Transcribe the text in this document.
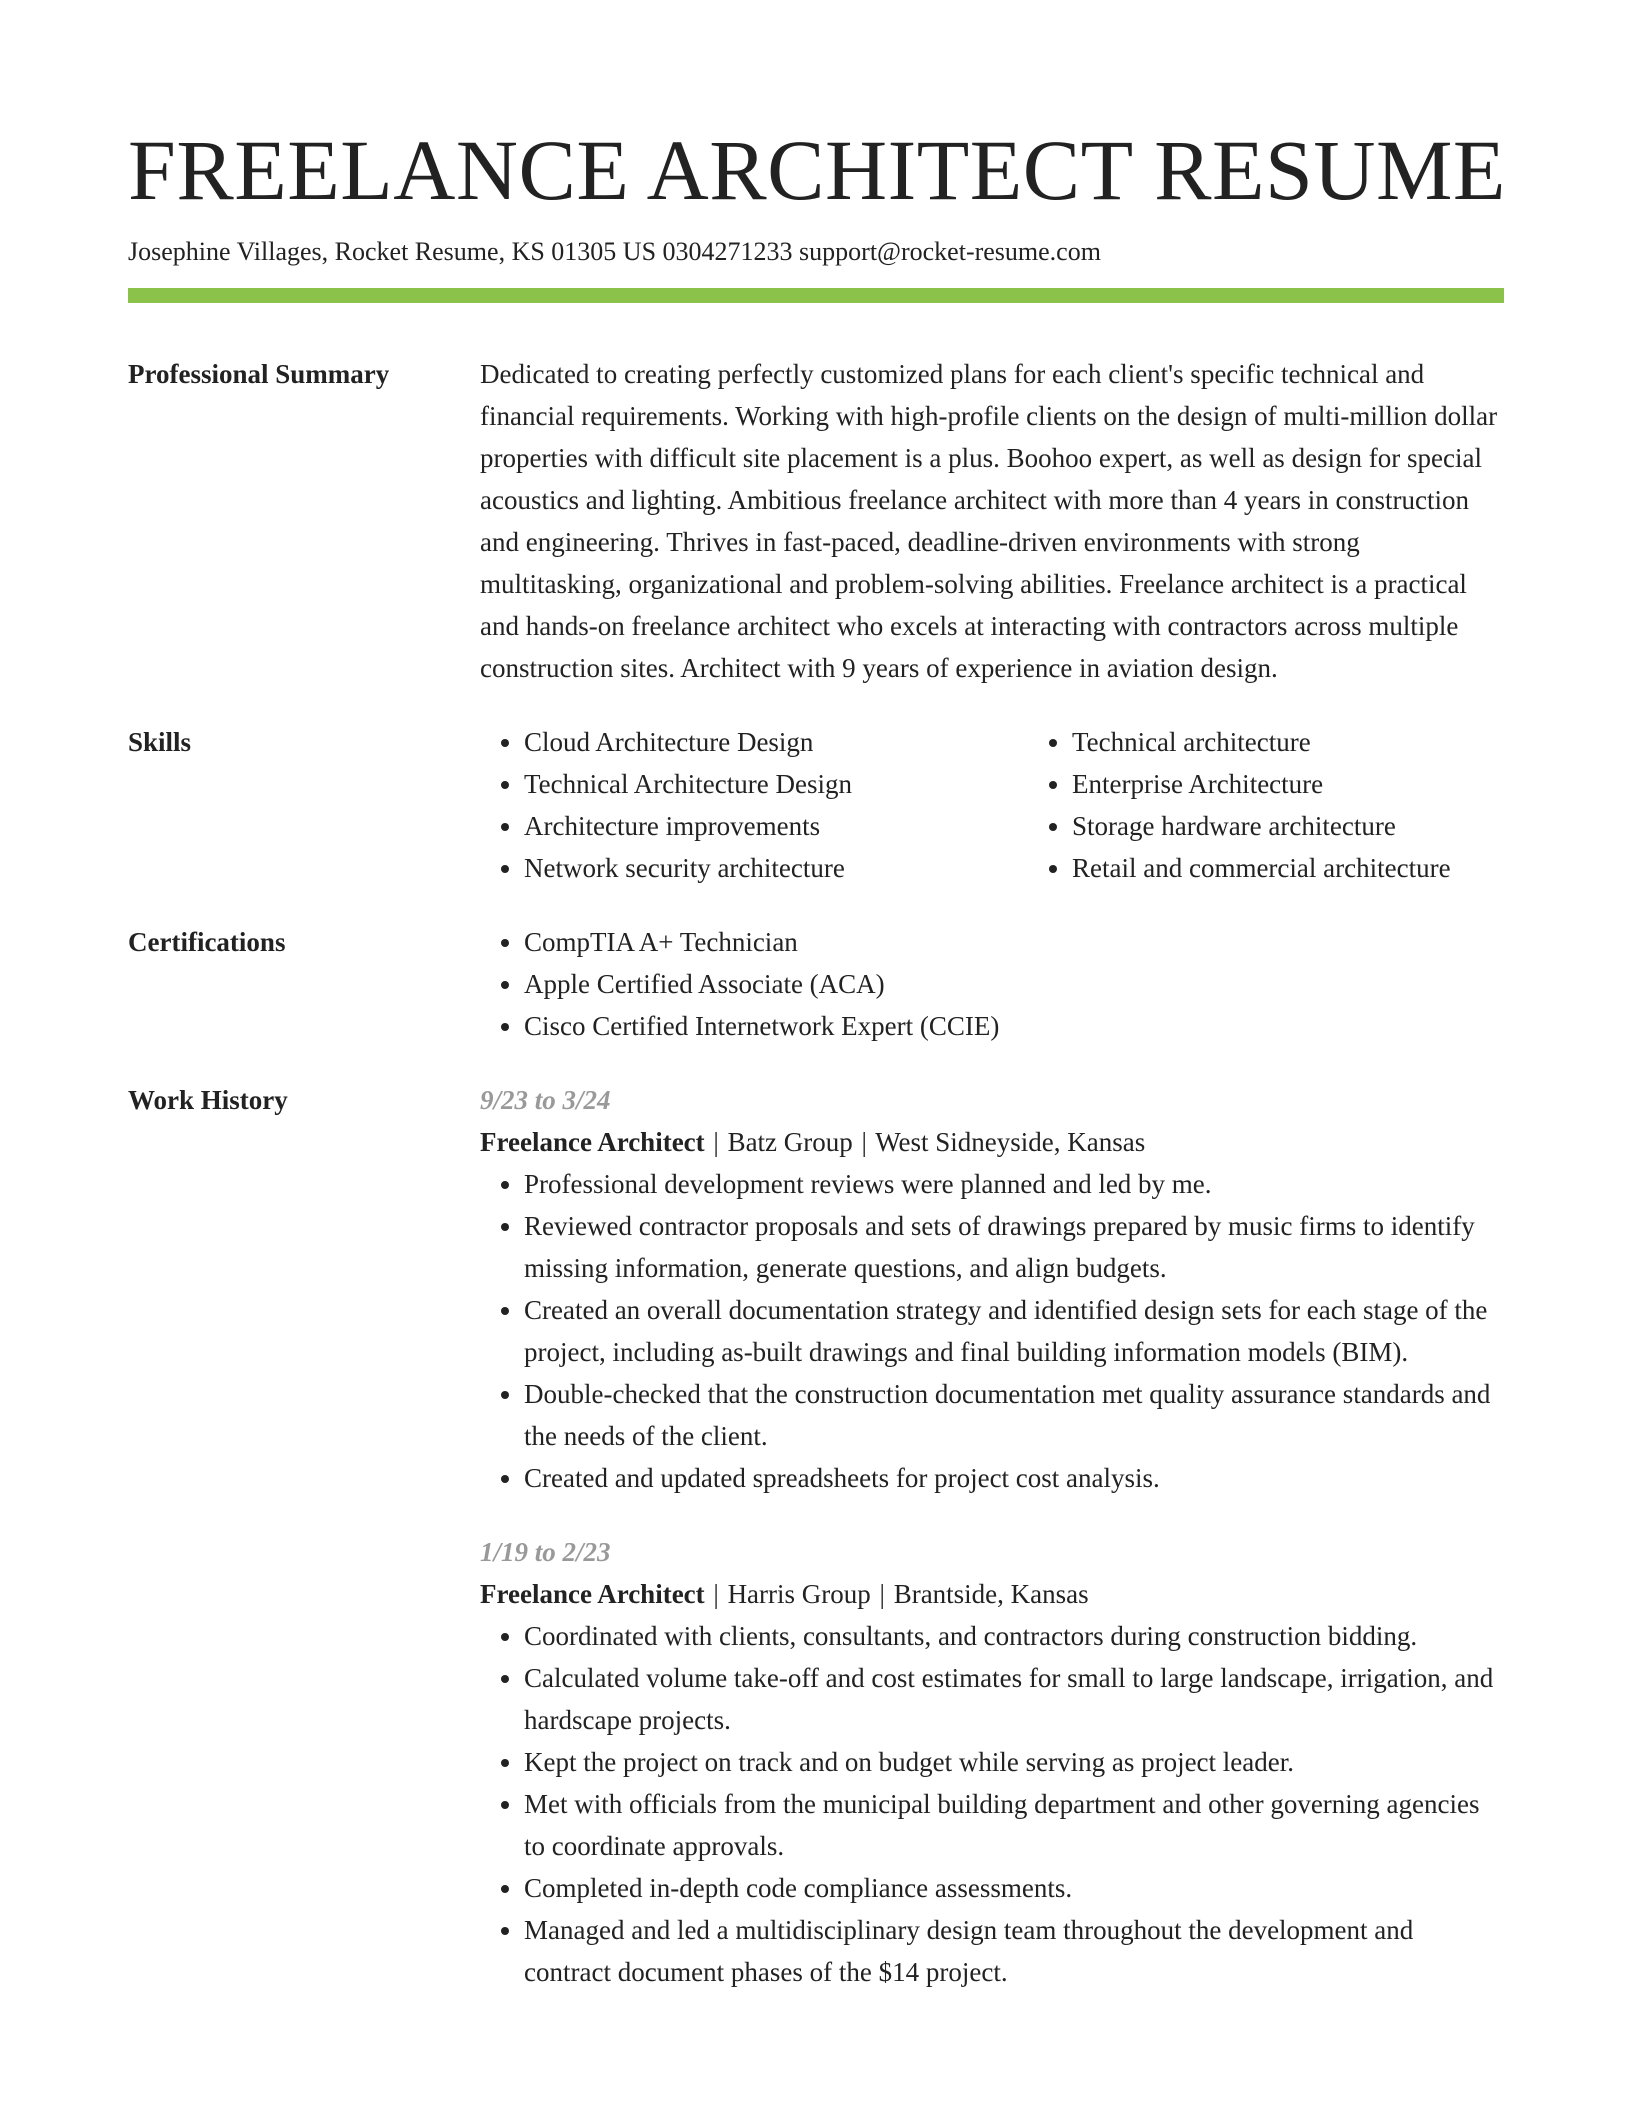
FREELANCE ARCHITECT RESUME
Josephine Villages, Rocket Resume, KS 01305 US 0304271233 support@rocket-resume.com
Professional Summary	Dedicated to creating perfectly customized plans for each client's specific technical and financial requirements. Working with high-profile clients on the design of multi-million dollar properties with difficult site placement is a plus. Boohoo expert, as well as design for special acoustics and lighting. Ambitious freelance architect with more than 4 years in construction and engineering. Thrives in fast-paced, deadline-driven environments with strong multitasking, organizational and problem-solving abilities. Freelance architect is a practical and hands-on freelance architect who excels at interacting with contractors across multiple construction sites. Architect with 9 years of experience in aviation design.
Skills	• Cloud Architecture Design
• Technical Architecture Design
• Architecture improvements
• Network security architecture
• Technical architecture
• Enterprise Architecture
• Storage hardware architecture
• Retail and commercial architecture
Certifications	• CompTIA A+ Technician
• Apple Certified Associate (ACA)
• Cisco Certified Internetwork Expert (CCIE)
Work History	9/23 to 3/24
Freelance Architect | Batz Group | West Sidneyside, Kansas
• Professional development reviews were planned and led by me.
• Reviewed contractor proposals and sets of drawings prepared by music firms to identify missing information, generate questions, and align budgets.
• Created an overall documentation strategy and identified design sets for each stage of the project, including as-built drawings and final building information models (BIM).
• Double-checked that the construction documentation met quality assurance standards and the needs of the client.
• Created and updated spreadsheets for project cost analysis.
1/19 to 2/23
Freelance Architect | Harris Group | Brantside, Kansas
• Coordinated with clients, consultants, and contractors during construction bidding.
• Calculated volume take-off and cost estimates for small to large landscape, irrigation, and hardscape projects.
• Kept the project on track and on budget while serving as project leader.
• Met with officials from the municipal building department and other governing agencies to coordinate approvals.
• Completed in-depth code compliance assessments.
• Managed and led a multidisciplinary design team throughout the development and contract document phases of the $14 project.
